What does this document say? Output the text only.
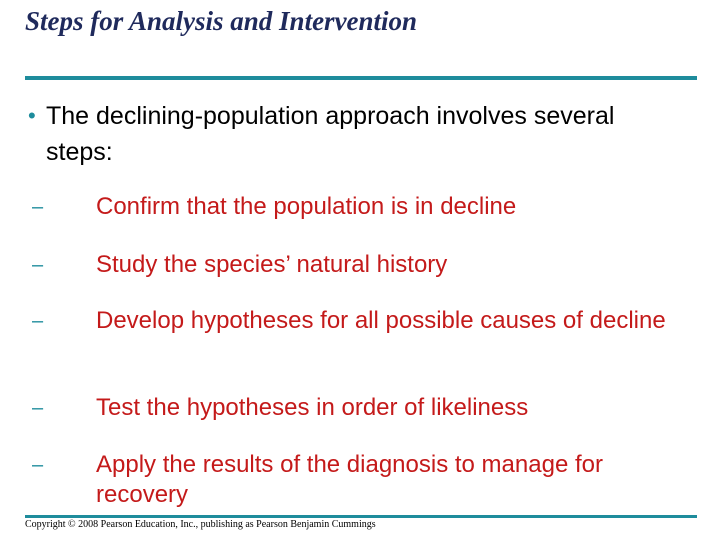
Steps for Analysis and Intervention
• The declining-population approach involves several steps:
– Confirm that the population is in decline
– Study the species’ natural history
– Develop hypotheses for all possible causes of decline
– Test the hypotheses in order of likeliness
– Apply the results of the diagnosis to manage for recovery
Copyright © 2008 Pearson Education, Inc., publishing as Pearson Benjamin Cummings
